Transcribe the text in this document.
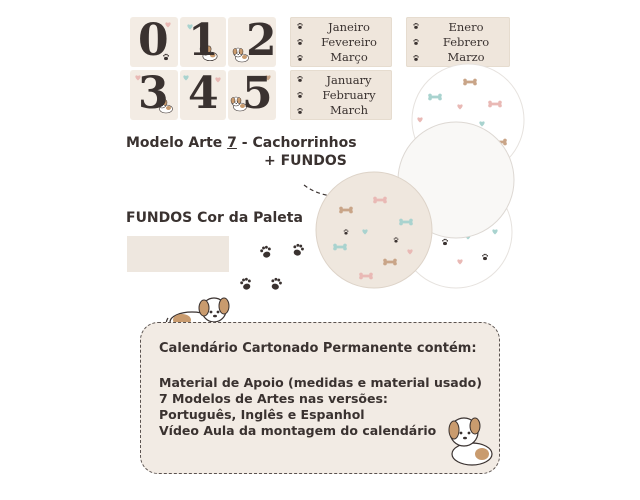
0 1 2
3 4 5
Janeiro
Fevereiro
Março
Enero
Febrero
Marzo
January
February
March
Modelo Arte 7 - Cachorrinhos
+ FUNDOS
FUNDOS Cor da Paleta
Calendário Cartonado Permanente contém:
Material de Apoio (medidas e material usado)
7 Modelos de Artes nas versões:
Português, Inglês e Espanhol
Vídeo Aula da montagem do calendário
